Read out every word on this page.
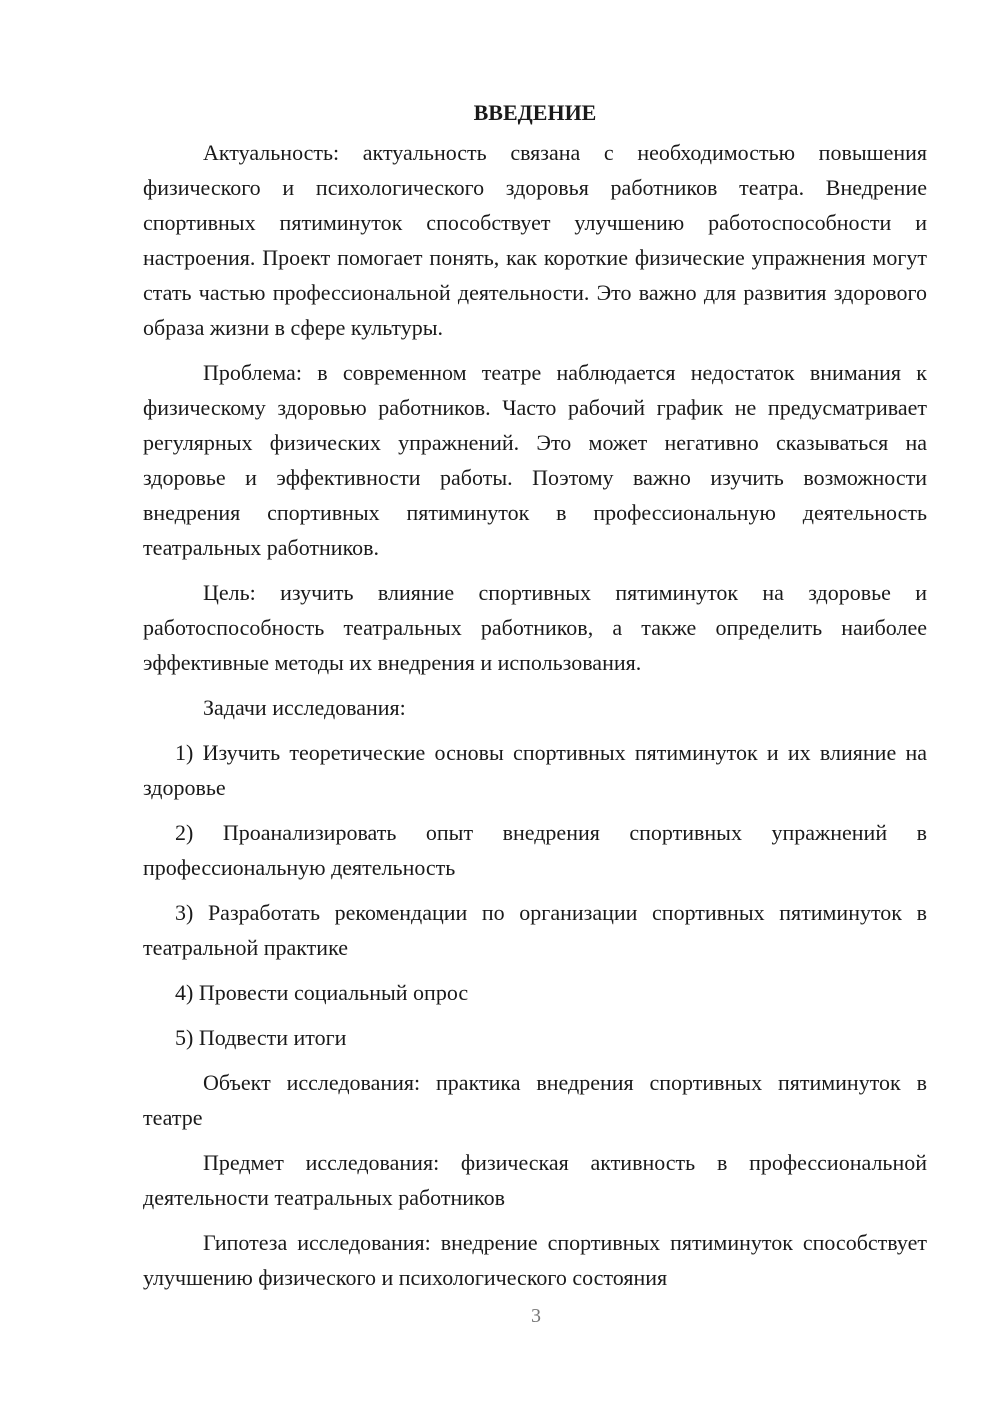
ВВЕДЕНИЕ

Актуальность: актуальность связана с необходимостью повышения физического и психологического здоровья работников театра. Внедрение спортивных пятиминуток способствует улучшению работоспособности и настроения. Проект помогает понять, как короткие физические упражнения могут стать частью профессиональной деятельности. Это важно для развития здорового образа жизни в сфере культуры.

Проблема: в современном театре наблюдается недостаток внимания к физическому здоровью работников. Часто рабочий график не предусматривает регулярных физических упражнений. Это может негативно сказываться на здоровье и эффективности работы. Поэтому важно изучить возможности внедрения спортивных пятиминуток в профессиональную деятельность театральных работников.

Цель: изучить влияние спортивных пятиминуток на здоровье и работоспособность театральных работников, а также определить наиболее эффективные методы их внедрения и использования.

Задачи исследования:

1) Изучить теоретические основы спортивных пятиминуток и их влияние на здоровье

2) Проанализировать опыт внедрения спортивных упражнений в профессиональную деятельность

3) Разработать рекомендации по организации спортивных пятиминуток в театральной практике

4) Провести социальный опрос

5) Подвести итоги

Объект исследования: практика внедрения спортивных пятиминуток в театре

Предмет исследования: физическая активность в профессиональной деятельности театральных работников

Гипотеза исследования: внедрение спортивных пятиминуток способствует улучшению физического и психологического состояния

3
